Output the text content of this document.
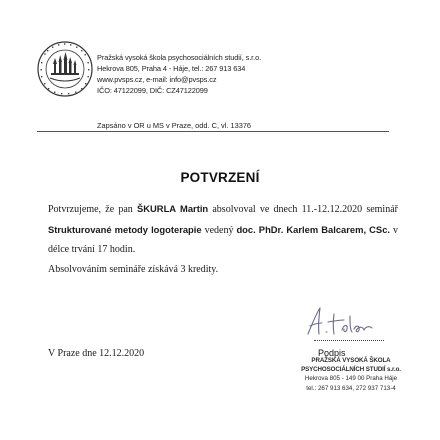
Pražská vysoká škola psychosociálních studií, s.r.o.
Hekrova 805, Praha 4 - Háje, tel.: 267 913 634
www.pvsps.cz, e-mail: info@pvsps.cz
IČO: 47122099, DIČ: CZ47122099
Zapsáno v OR u MS v Praze, odd. C, vl. 13376
POTVRZENÍ

Potvrzujeme, že pan ŠKURLA Martin absolvoval ve dnech 11.-12.12.2020 seminář Strukturované metody logoterapie vedený doc. PhDr. Karlem Balcarem, CSc. v délce trvání 17 hodin.

Absolvováním semináře získává 3 kredity.

V Praze dne 12.12.2020	Podpis
PRAŽSKÁ VYSOKÁ ŠKOLA
PSYCHOSOCIÁLNÍCH STUDIÍ s.r.o.
Hekrova 805 - 149 00 Praha Háje
tel.: 267 913 634, 272 937 713-4
